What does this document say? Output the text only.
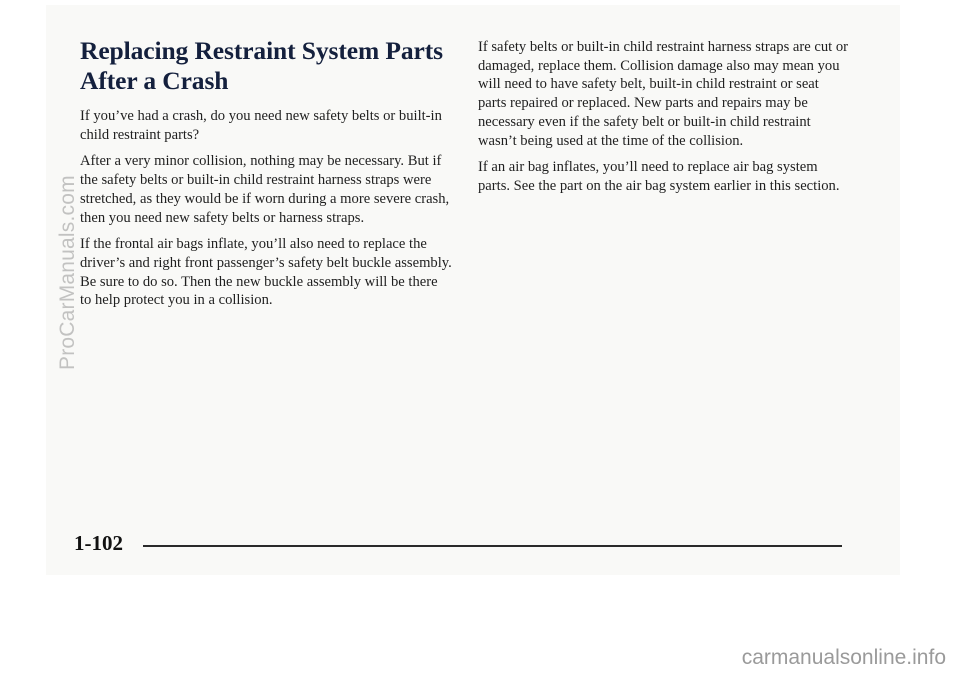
Replacing Restraint System Parts After a Crash

If you’ve had a crash, do you need new safety belts or built-in child restraint parts?

After a very minor collision, nothing may be necessary. But if the safety belts or built-in child restraint harness straps were stretched, as they would be if worn during a more severe crash, then you need new safety belts or harness straps.

If the frontal air bags inflate, you’ll also need to replace the driver’s and right front passenger’s safety belt buckle assembly. Be sure to do so. Then the new buckle assembly will be there to help protect you in a collision.

If safety belts or built-in child restraint harness straps are cut or damaged, replace them. Collision damage also may mean you will need to have safety belt, built-in child restraint or seat parts repaired or replaced. New parts and repairs may be necessary even if the safety belt or built-in child restraint wasn’t being used at the time of the collision.

If an air bag inflates, you’ll need to replace air bag system parts. See the part on the air bag system earlier in this section.

1-102
ProCarManuals.com
carmanualsonline.info
